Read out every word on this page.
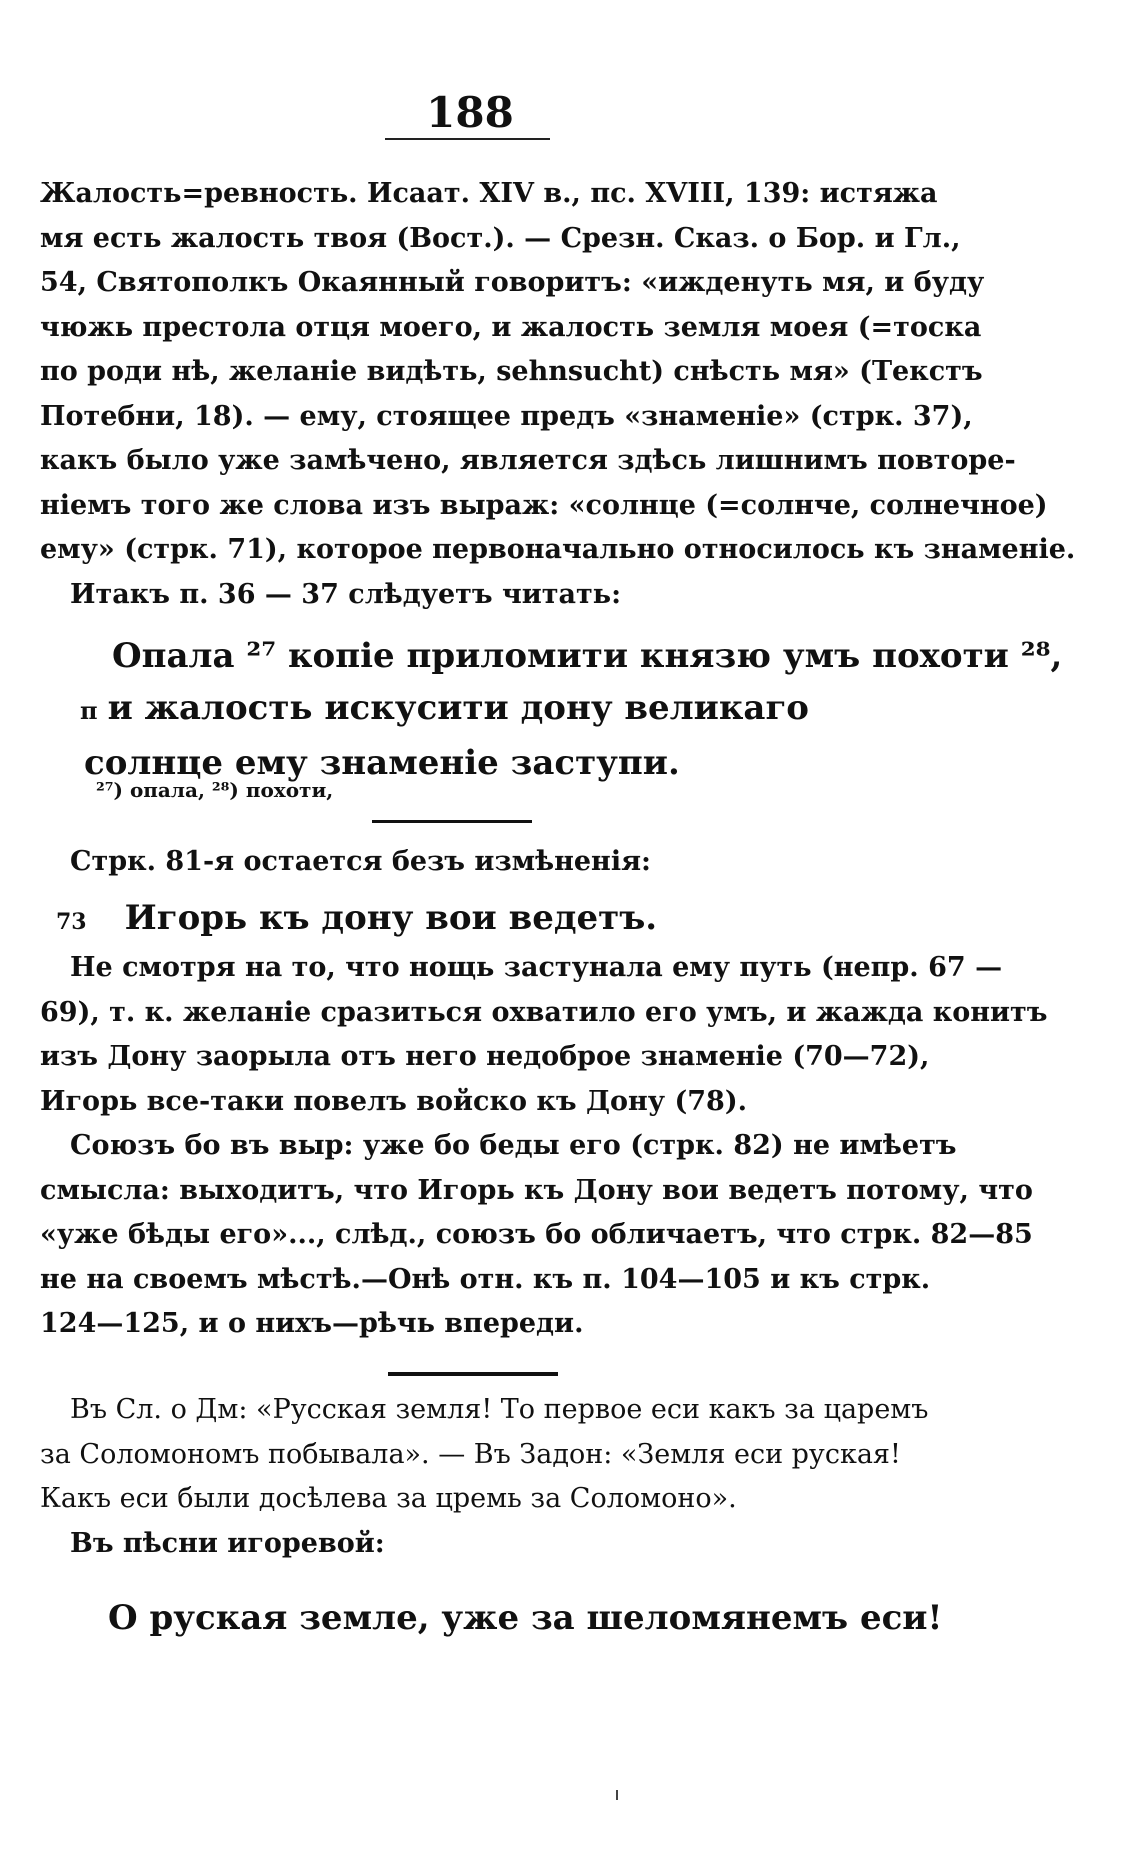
188
Жалость=ревность. Исаат. XIV в., пс. XVIII, 139: истяжа
мя есть жалость твоя (Вост.). — Срезн. Сказ. о Бор. и Гл.,
54, Святополкъ Окаянный говоритъ: «ижденуть мя, и буду
чюжь престола отця моего, и жалость земля моея (=тоска
по роди нѣ, желаніе видѣть, sehnsucht) снѣсть мя» (Текстъ
Потебни, 18). — ему, стоящее предъ «знаменіе» (стрк. 37),
какъ было уже замѣчено, является здѣсь лишнимъ повторе-
ніемъ того же слова изъ выраж: «солнце (=солнче, солнечное)
ему» (стрк. 71), которое первоначально относилось къ знаменіе.
Итакъ п. 36 — 37 слѣдуетъ читать:
Опала ²⁷ копіе приломити князю умъ похоти ²⁸,
п и жалость искусити дону великаго
солнце ему знаменіе заступи.
²⁷) опала, ²⁸) похоти,
Стрк. 81-я остается безъ измѣненія:
73 Игорь къ дону вои ведетъ.
Не смотря на то, что нощь застунала ему путь (непр. 67 —
69), т. к. желаніе сразиться охватило его умъ, и жажда конитъ
изъ Дону заорыла отъ него недоброе знаменіе (70—72),
Игорь все-таки повелъ войско къ Дону (78).
Союзъ бо въ выр: уже бо беды его (стрк. 82) не имѣетъ
смысла: выходитъ, что Игорь къ Дону вои ведетъ потому, что
«уже бѣды его»..., слѣд., союзъ бо обличаетъ, что стрк. 82—85
не на своемъ мѣстѣ.—Онѣ отн. къ п. 104—105 и къ стрк.
124—125, и о нихъ—рѣчь впереди.
Въ Сл. о Дм: «Русская земля! То первое еси какъ за царемъ
за Соломономъ побывала». — Въ Задон: «Земля еси руская!
Какъ еси были досѣлева за цремь за Соломоно».
Въ пѣсни игоревой:
О руская земле, уже за шеломянемъ еси!
